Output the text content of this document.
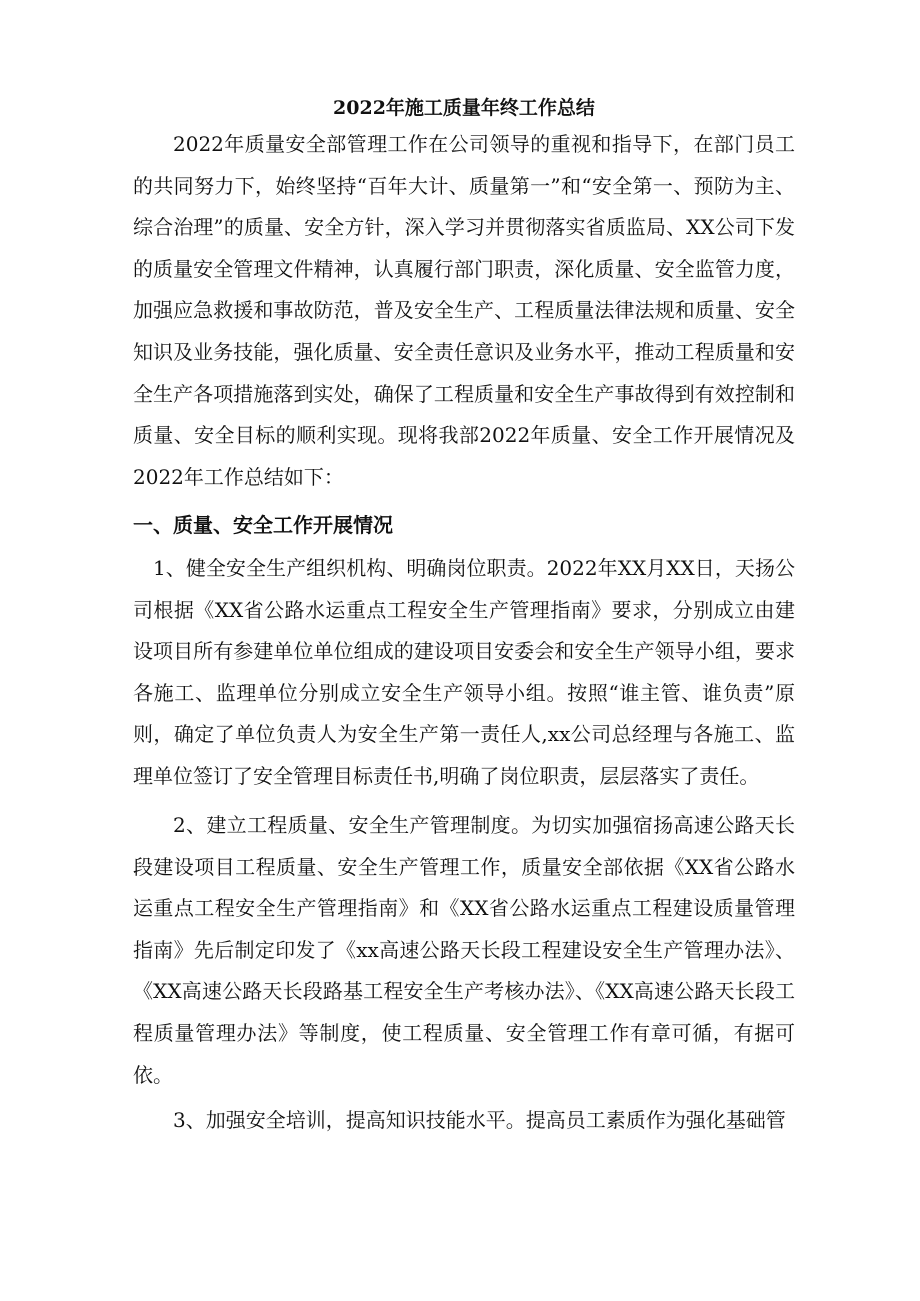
2022年施工质量年终工作总结

2022年质量安全部管理工作在公司领导的重视和指导下，在部门员工的共同努力下，始终坚持“百年大计、质量第一”和“安全第一、预防为主、综合治理”的质量、安全方针，深入学习并贯彻落实省质监局、XX公司下发的质量安全管理文件精神，认真履行部门职责，深化质量、安全监管力度，加强应急救援和事故防范，普及安全生产、工程质量法律法规和质量、安全知识及业务技能，强化质量、安全责任意识及业务水平，推动工程质量和安全生产各项措施落到实处，确保了工程质量和安全生产事故得到有效控制和质量、安全目标的顺利实现。现将我部2022年质量、安全工作开展情况及2022年工作总结如下：

一、质量、安全工作开展情况

1、健全安全生产组织机构、明确岗位职责。2022年XX月XX日，天扬公司根据《XX省公路水运重点工程安全生产管理指南》要求，分别成立由建设项目所有参建单位单位组成的建设项目安委会和安全生产领导小组，要求各施工、监理单位分别成立安全生产领导小组。按照“谁主管、谁负责”原则，确定了单位负责人为安全生产第一责任人,xx公司总经理与各施工、监理单位签订了安全管理目标责任书,明确了岗位职责，层层落实了责任。

2、建立工程质量、安全生产管理制度。为切实加强宿扬高速公路天长段建设项目工程质量、安全生产管理工作，质量安全部依据《XX省公路水运重点工程安全生产管理指南》和《XX省公路水运重点工程建设质量管理指南》先后制定印发了《xx高速公路天长段工程建设安全生产管理办法》、《XX高速公路天长段路基工程安全生产考核办法》、《XX高速公路天长段工程质量管理办法》等制度，使工程质量、安全管理工作有章可循，有据可依。

3、加强安全培训，提高知识技能水平。提高员工素质作为强化基础管
